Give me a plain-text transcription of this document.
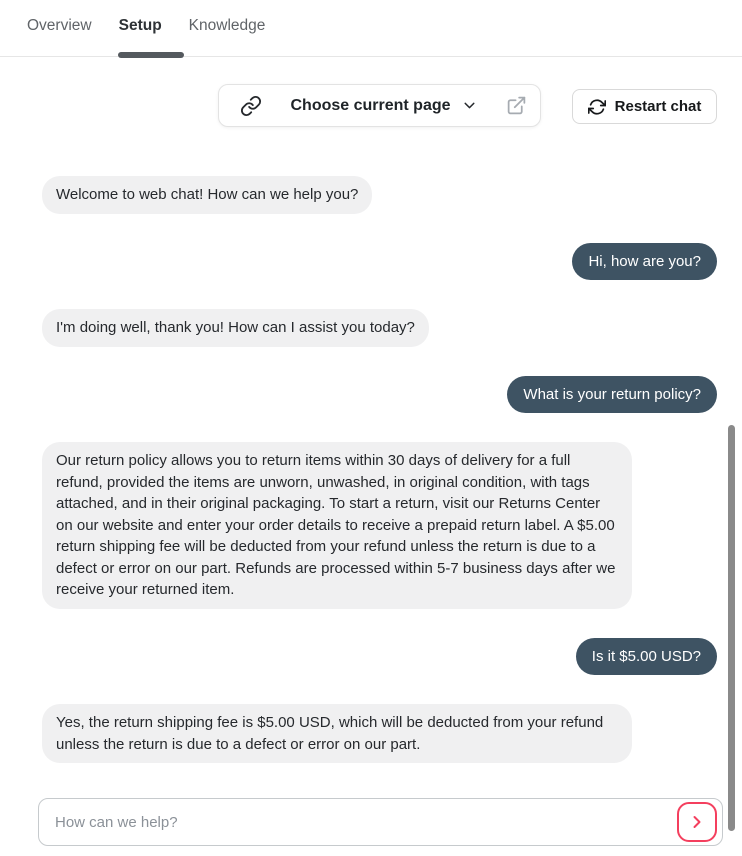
Overview Setup Knowledge
Choose current page	Restart chat
Welcome to web chat! How can we help you?
Hi, how are you?
I'm doing well, thank you! How can I assist you today?
What is your return policy?
Our return policy allows you to return items within 30 days of delivery for a full refund, provided the items are unworn, unwashed, in original condition, with tags attached, and in their original packaging. To start a return, visit our Returns Center on our website and enter your order details to receive a prepaid return label. A $5.00 return shipping fee will be deducted from your refund unless the return is due to a defect or error on our part. Refunds are processed within 5-7 business days after we receive your returned item.
Is it $5.00 USD?
Yes, the return shipping fee is $5.00 USD, which will be deducted from your refund unless the return is due to a defect or error on our part.
How can we help?
